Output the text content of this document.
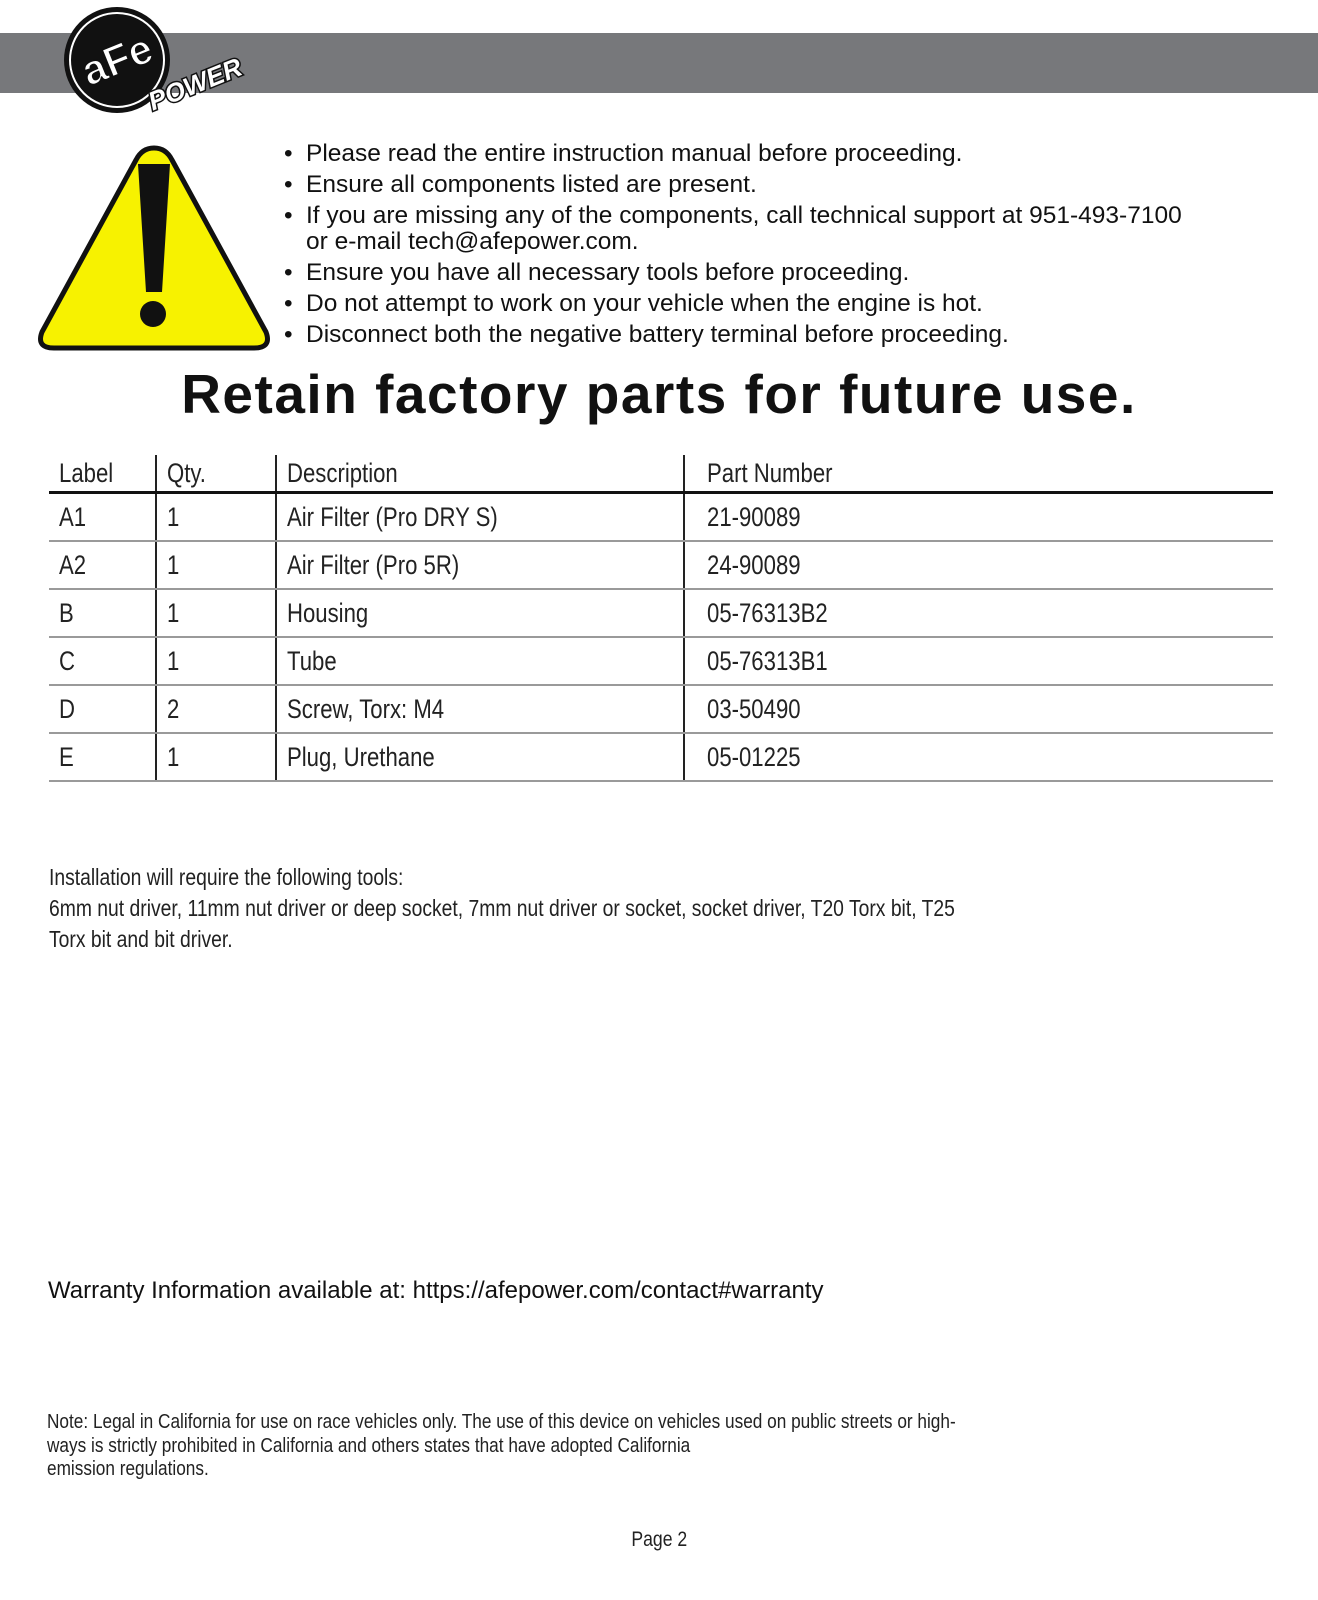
aFe
POWER
• Please read the entire instruction manual before proceeding.
• Ensure all components listed are present.
• If you are missing any of the components, call technical support at 951-493-7100
or e-mail tech@afepower.com.
• Ensure you have all necessary tools before proceeding.
• Do not attempt to work on your vehicle when the engine is hot.
• Disconnect both the negative battery terminal before proceeding.
Retain factory parts for future use.
Label	Qty.	Description	Part Number
A1	1	Air Filter (Pro DRY S)	21-90089
A2	1	Air Filter (Pro 5R)	24-90089
B	1	Housing	05-76313B2
C	1	Tube	05-76313B1
D	2	Screw, Torx: M4	03-50490
E	1	Plug, Urethane	05-01225
Installation will require the following tools:
6mm nut driver, 11mm nut driver or deep socket, 7mm nut driver or socket, socket driver, T20 Torx bit, T25
Torx bit and bit driver.
Warranty Information available at: https://afepower.com/contact#warranty
Note: Legal in California for use on race vehicles only. The use of this device on vehicles used on public streets or high-
ways is strictly prohibited in California and others states that have adopted California
emission regulations.
Page 2
